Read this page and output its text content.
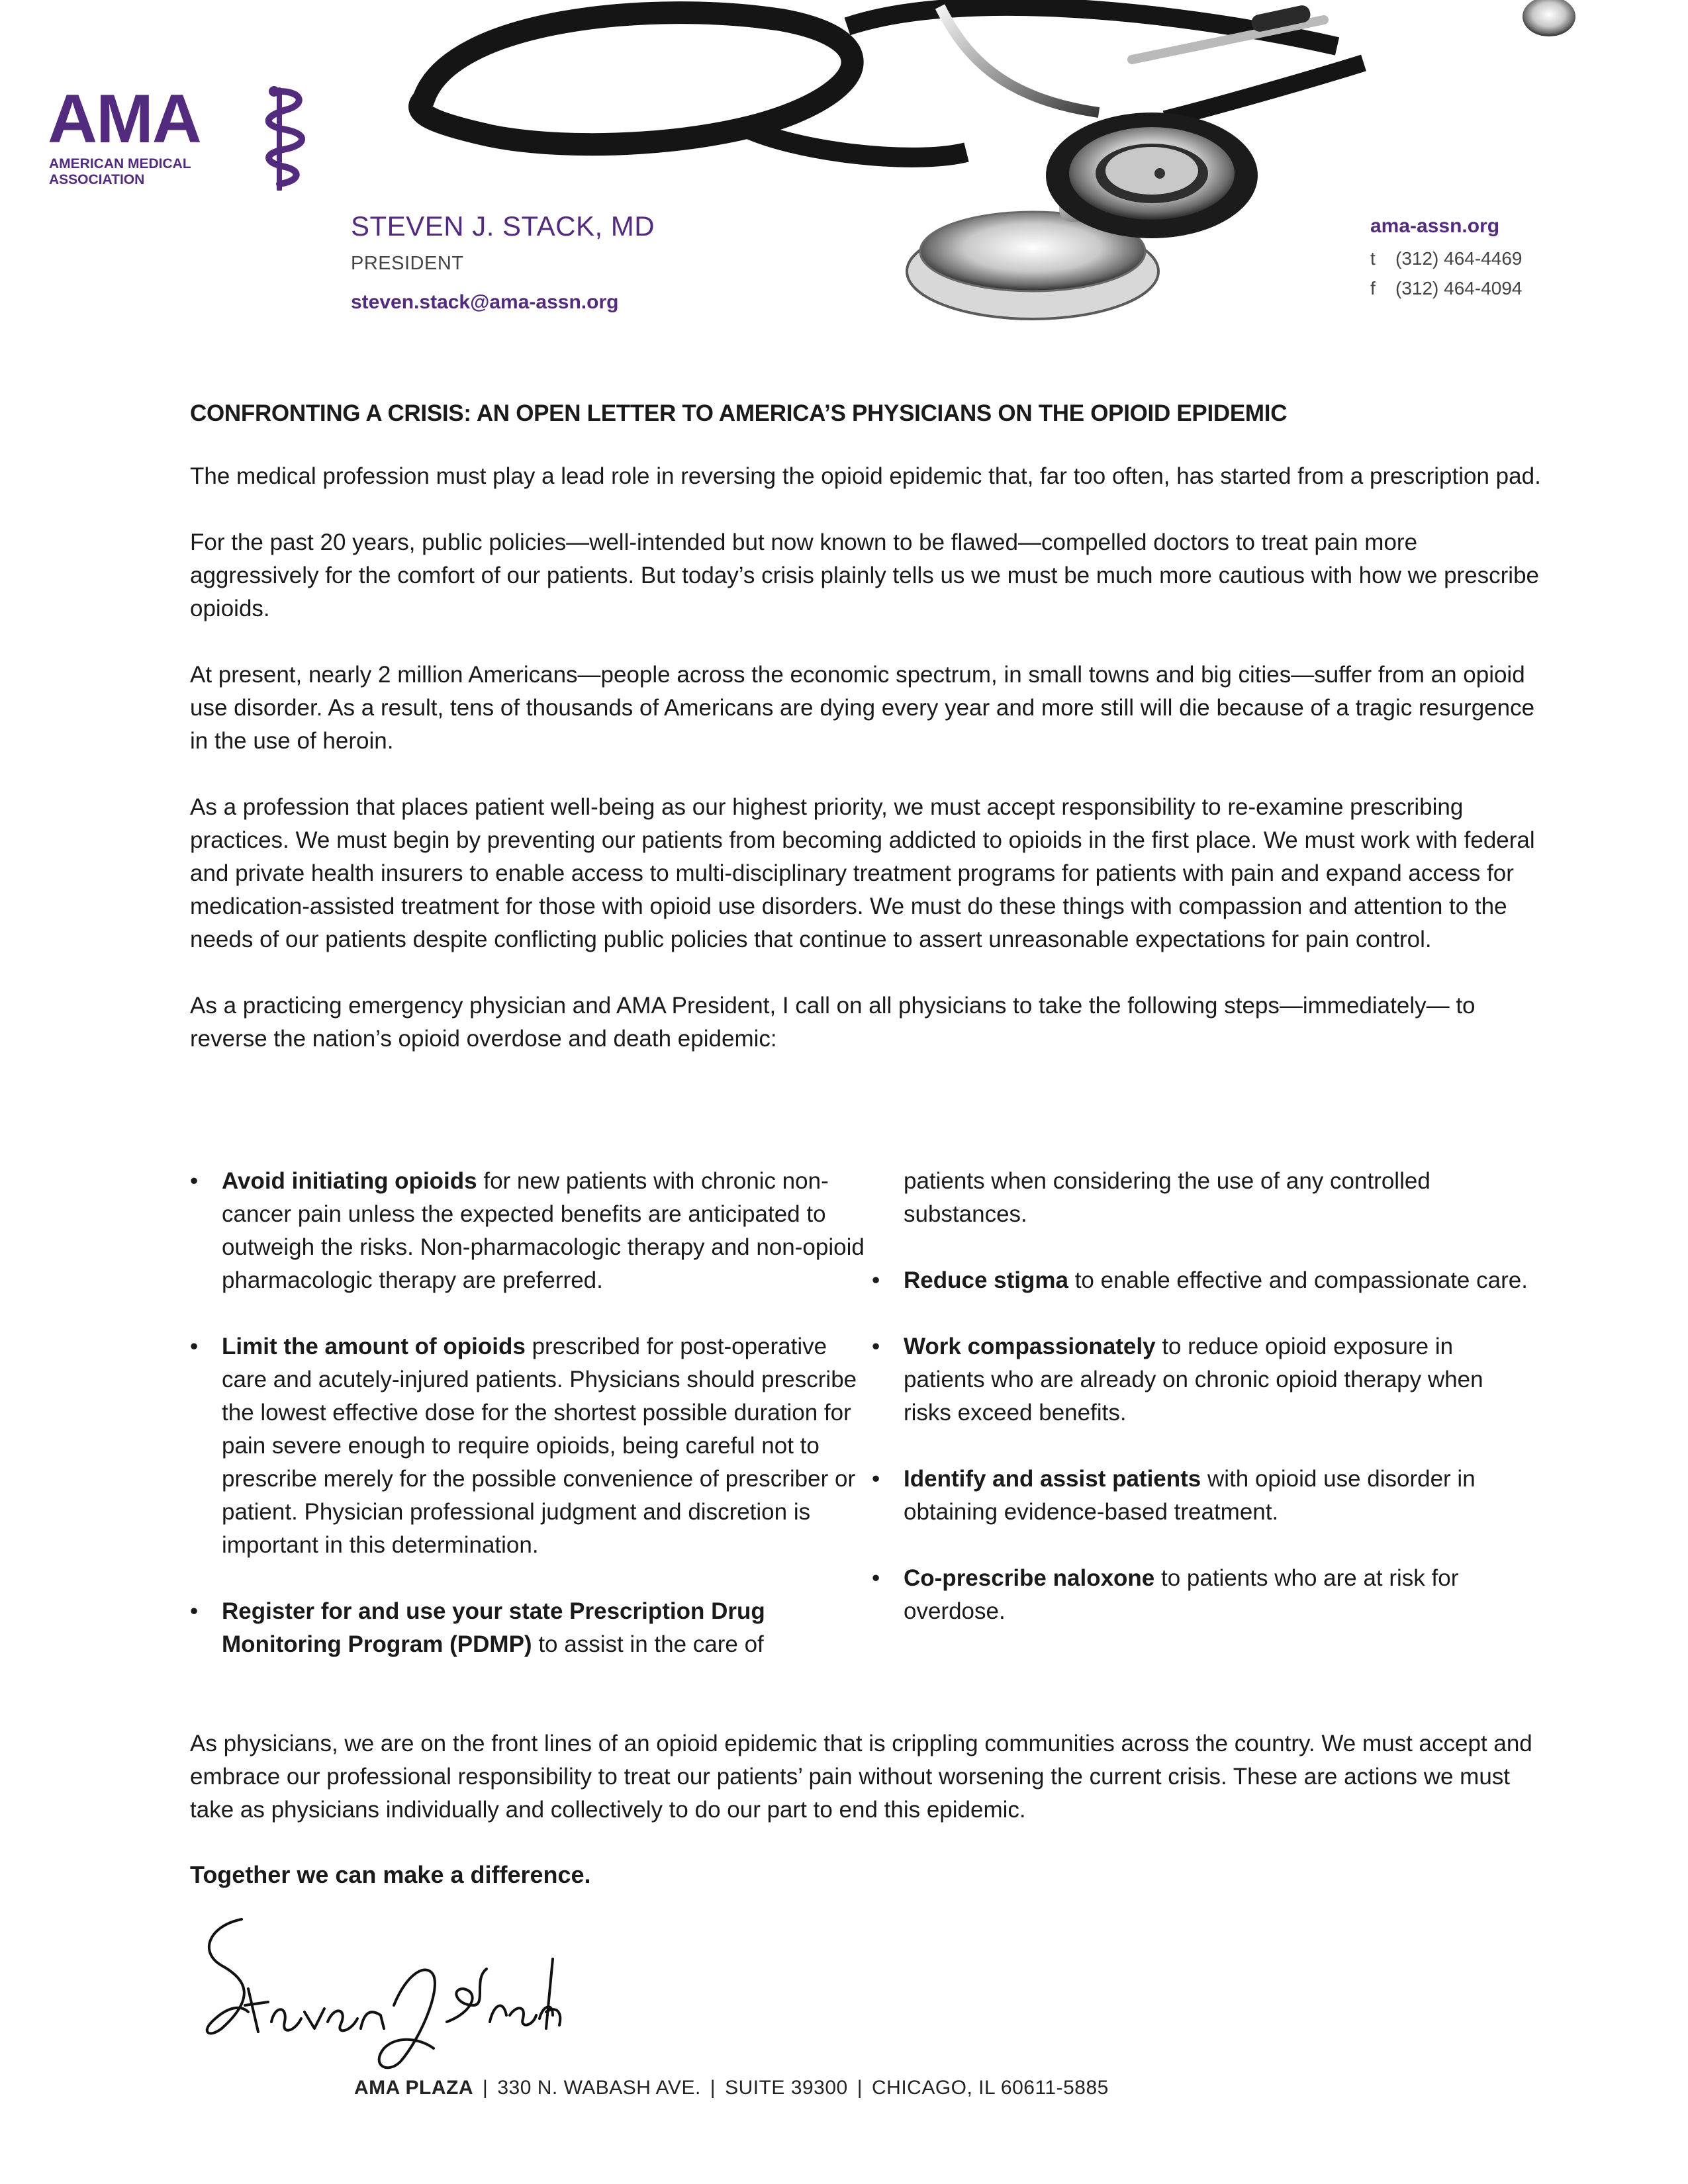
AMA
AMERICAN MEDICAL
ASSOCIATION
STEVEN J. STACK, MD
PRESIDENT
steven.stack@ama-assn.org
ama-assn.org
t (312) 464-4469
f (312) 464-4094
CONFRONTING A CRISIS: AN OPEN LETTER TO AMERICA’S PHYSICIANS ON THE OPIOID EPIDEMIC

The medical profession must play a lead role in reversing the opioid epidemic that, far too often, has started from a prescription pad.

For the past 20 years, public policies—well-intended but now known to be flawed—compelled doctors to treat pain more aggressively for the comfort of our patients. But today’s crisis plainly tells us we must be much more cautious with how we prescribe opioids.

At present, nearly 2 million Americans—people across the economic spectrum, in small towns and big cities—suffer from an opioid use disorder. As a result, tens of thousands of Americans are dying every year and more still will die because of a tragic resurgence in the use of heroin.

As a profession that places patient well-being as our highest priority, we must accept responsibility to re-examine prescribing practices. We must begin by preventing our patients from becoming addicted to opioids in the first place. We must work with federal and private health insurers to enable access to multi-disciplinary treatment programs for patients with pain and expand access for medication-assisted treatment for those with opioid use disorders. We must do these things with compassion and attention to the needs of our patients despite conflicting public policies that continue to assert unreasonable expectations for pain control.

As a practicing emergency physician and AMA President, I call on all physicians to take the following steps—immediately— to reverse the nation’s opioid overdose and death epidemic:

• Avoid initiating opioids for new patients with chronic non-cancer pain unless the expected benefits are anticipated to outweigh the risks. Non-pharmacologic therapy and non-opioid pharmacologic therapy are preferred.
• Limit the amount of opioids prescribed for post-operative care and acutely-injured patients. Physicians should prescribe the lowest effective dose for the shortest possible duration for pain severe enough to require opioids, being careful not to prescribe merely for the possible convenience of prescriber or patient. Physician professional judgment and discretion is important in this determination.
• Register for and use your state Prescription Drug Monitoring Program (PDMP) to assist in the care of
patients when considering the use of any controlled substances.
• Reduce stigma to enable effective and compassionate care.
• Work compassionately to reduce opioid exposure in patients who are already on chronic opioid therapy when risks exceed benefits.
• Identify and assist patients with opioid use disorder in obtaining evidence-based treatment.
• Co-prescribe naloxone to patients who are at risk for overdose.
As physicians, we are on the front lines of an opioid epidemic that is crippling communities across the country. We must accept and embrace our professional responsibility to treat our patients’ pain without worsening the current crisis. These are actions we must take as physicians individually and collectively to do our part to end this epidemic.
Together we can make a difference.
AMA PLAZA | 330 N. WABASH AVE. | SUITE 39300 | CHICAGO, IL 60611-5885
